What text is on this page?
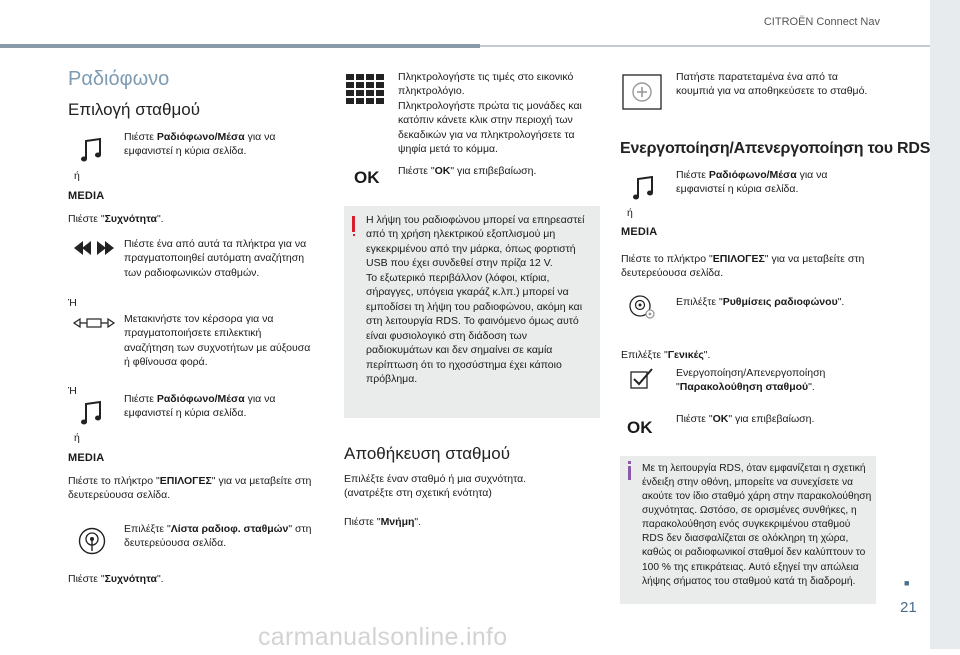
CITROËN Connect Nav
Ραδιόφωνο
Επιλογή σταθμού
Πιέστε Ραδιόφωνο/Μέσα για να εμφανιστεί η κύρια σελίδα.
ή
MEDIA
Πιέστε "Συχνότητα".
Πιέστε ένα από αυτά τα πλήκτρα για να πραγματοποιηθεί αυτόματη αναζήτηση των ραδιοφωνικών σταθμών.
Ή
Μετακινήστε τον κέρσορα για να πραγματοποιήσετε επιλεκτική αναζήτηση των συχνοτήτων με αύξουσα ή φθίνουσα φορά.
Ή
Πιέστε Ραδιόφωνο/Μέσα για να εμφανιστεί η κύρια σελίδα.
ή
MEDIA
Πιέστε το πλήκτρο "ΕΠΙΛΟΓΕΣ" για να μεταβείτε στη δευτερεύουσα σελίδα.
Επιλέξτε "Λίστα ραδιοφ. σταθμών" στη δευτερεύουσα σελίδα.
Πιέστε "Συχνότητα".
Πληκτρολογήστε τις τιμές στο εικονικό πληκτρολόγιο.
Πληκτρολογήστε πρώτα τις μονάδες και κατόπιν κάνετε κλικ στην περιοχή των δεκαδικών για να πληκτρολογήσετε τα ψηφία μετά το κόμμα.
OK Πιέστε "OK" για επιβεβαίωση.
Η λήψη του ραδιοφώνου μπορεί να επηρεαστεί από τη χρήση ηλεκτρικού εξοπλισμού μη εγκεκριμένου από την μάρκα, όπως φορτιστή USB που έχει συνδεθεί στην πρίζα 12 V.
Το εξωτερικό περιβάλλον (λόφοι, κτίρια, σήραγγες, υπόγεια γκαράζ κ.λπ.) μπορεί να εμποδίσει τη λήψη του ραδιοφώνου, ακόμη και στη λειτουργία RDS. Το φαινόμενο όμως αυτό είναι φυσιολογικό στη διάδοση των ραδιοκυμάτων και δεν σημαίνει σε καμία περίπτωση ότι το ηχοσύστημα έχει κάποιο πρόβλημα.
Αποθήκευση σταθμού
Επιλέξτε έναν σταθμό ή μια συχνότητα.
(ανατρέξτε στη σχετική ενότητα)
Πιέστε "Μνήμη".
Πατήστε παρατεταμένα ένα από τα κουμπιά για να αποθηκεύσετε το σταθμό.
Ενεργοποίηση/Απενεργοποίηση του RDS
Πιέστε Ραδιόφωνο/Μέσα για να εμφανιστεί η κύρια σελίδα.
ή
MEDIA
Πιέστε το πλήκτρο "ΕΠΙΛΟΓΕΣ" για να μεταβείτε στη δευτερεύουσα σελίδα.
Επιλέξτε "Ρυθμίσεις ραδιοφώνου".
Επιλέξτε "Γενικές".
Ενεργοποίηση/Απενεργοποίηση "Παρακολούθηση σταθμού".
OK Πιέστε "OK" για επιβεβαίωση.
Με τη λειτουργία RDS, όταν εμφανίζεται η σχετική ένδειξη στην οθόνη, μπορείτε να συνεχίσετε να ακούτε τον ίδιο σταθμό χάρη στην παρακολούθηση συχνότητας. Ωστόσο, σε ορισμένες συνθήκες, η παρακολούθηση ενός συγκεκριμένου σταθμού RDS δεν διασφαλίζεται σε ολόκληρη τη χώρα, καθώς οι ραδιοφωνικοί σταθμοί δεν καλύπτουν το 100 % της επικράτειας. Αυτό εξηγεί την απώλεια λήψης σήματος του σταθμού κατά τη διαδρομή.	■
21
carmanualsonline.info
